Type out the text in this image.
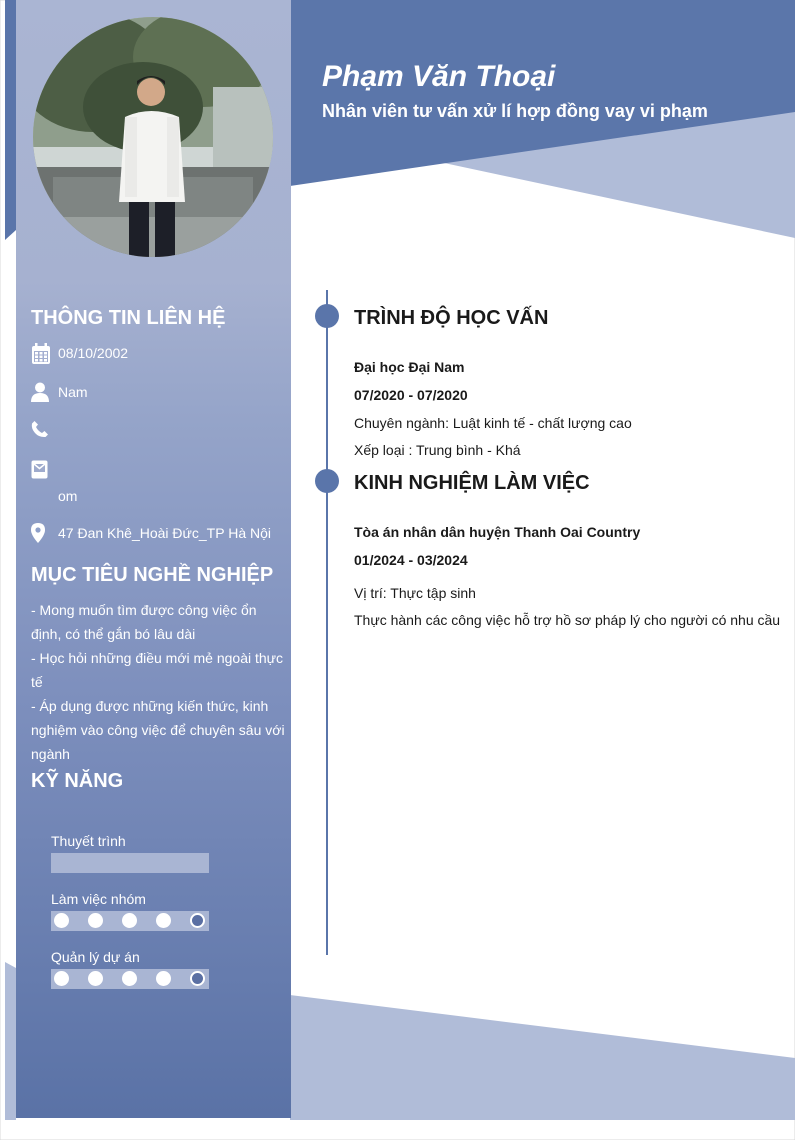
Phạm Văn Thoại
Nhân viên tư vấn xử lí hợp đồng vay vi phạm
THÔNG TIN LIÊN HỆ
08/10/2002
Nam
om
47 Đan Khê_Hoài Đức_TP Hà Nội
MỤC TIÊU NGHỀ NGHIỆP
- Mong muốn tìm được công việc ổn định, có thể gắn bó lâu dài
- Học hỏi những điều mới mẻ ngoài thực tế
- Áp dụng được những kiến thức, kinh nghiệm vào công việc để chuyên sâu với ngành
KỸ NĂNG
Thuyết trình
Làm việc nhóm
Quản lý dự án
TRÌNH ĐỘ HỌC VẤN
Đại học Đại Nam
07/2020 - 07/2020
Chuyên ngành: Luật kinh tế - chất lượng cao
Xếp loại : Trung bình - Khá
KINH NGHIỆM LÀM VIỆC
Tòa án nhân dân huyện Thanh Oai Country
01/2024 - 03/2024
Vị trí: Thực tập sinh
Thực hành các công việc hỗ trợ hồ sơ pháp lý cho người có nhu cầu
